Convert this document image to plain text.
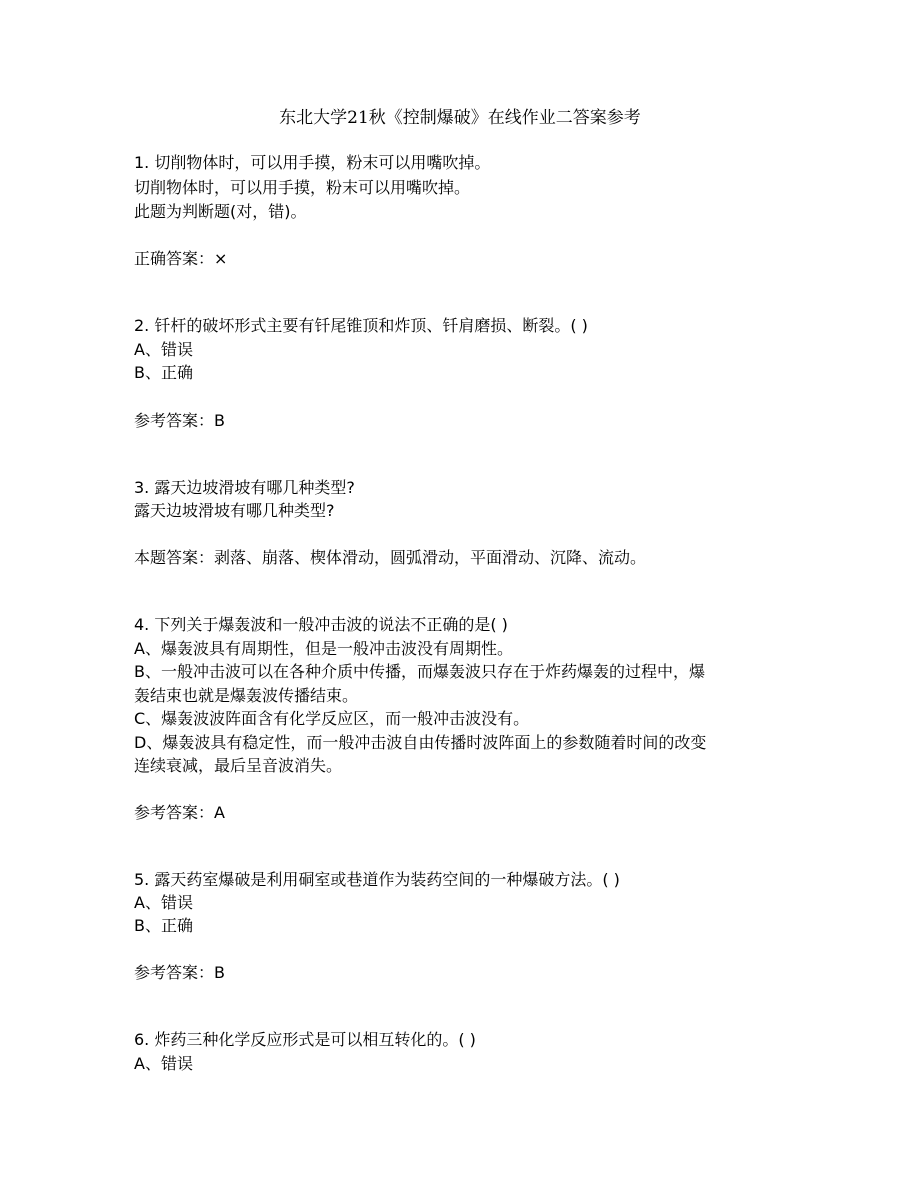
东北大学21秋《控制爆破》在线作业二答案参考
1. 切削物体时，可以用手摸，粉末可以用嘴吹掉。
切削物体时，可以用手摸，粉末可以用嘴吹掉。
此题为判断题(对，错)。
正确答案：×
2. 钎杆的破坏形式主要有钎尾锥顶和炸顶、钎肩磨损、断裂。( )
A、错误
B、正确
参考答案：B
3. 露天边坡滑坡有哪几种类型?
露天边坡滑坡有哪几种类型?
本题答案：剥落、崩落、楔体滑动，圆弧滑动，平面滑动、沉降、流动。
4. 下列关于爆轰波和一般冲击波的说法不正确的是( )
A、爆轰波具有周期性，但是一般冲击波没有周期性。
B、一般冲击波可以在各种介质中传播，而爆轰波只存在于炸药爆轰的过程中，爆
轰结束也就是爆轰波传播结束。
C、爆轰波波阵面含有化学反应区，而一般冲击波没有。
D、爆轰波具有稳定性，而一般冲击波自由传播时波阵面上的参数随着时间的改变
连续衰减，最后呈音波消失。
参考答案：A
5. 露天药室爆破是利用硐室或巷道作为装药空间的一种爆破方法。( )
A、错误
B、正确
参考答案：B
6. 炸药三种化学反应形式是可以相互转化的。( )
A、错误
